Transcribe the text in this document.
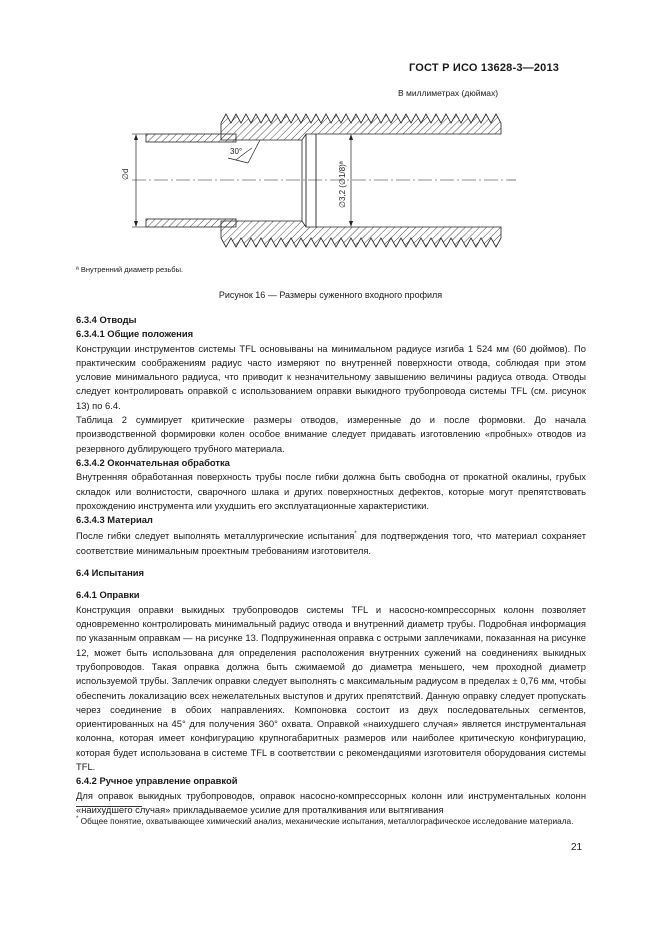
ГОСТ Р ИСО 13628-3—2013
В миллиметрах (дюймах)
30°
∅d	∅3,2 (∅1/8)ª
ª Внутренний диаметр резьбы.
Рисунок 16 — Размеры суженного входного профиля

6.3.4 Отводы

6.3.4.1 Общие положения

Конструкции инструментов системы TFL основываны на минимальном радиусе изгиба 1 524 мм (60 дюймов). По практическим соображениям радиус часто измеряют по внутренней поверхности отвода, соблюдая при этом условие минимального радиуса, что приводит к незначительному завышению величины радиуса отвода. Отводы следует контролировать оправкой с использованием оправки выкидного трубопровода системы TFL (см. рисунок 13) по 6.4.

Таблица 2 суммирует критические размеры отводов, измеренные до и после формовки. До начала производственной формировки колен особое внимание следует придавать изготовлению «пробных» отводов из резервного дублирующего трубного материала.

6.3.4.2 Окончательная обработка

Внутренняя обработанная поверхность трубы после гибки должна быть свободна от прокатной окалины, грубых складок или волнистости, сварочного шлака и других поверхностных дефектов, которые могут препятствовать прохождению инструмента или ухудшить его эксплуатационные характеристики.

6.3.4.3 Материал

После гибки следует выполнять металлургические испытания* для подтверждения того, что материал сохраняет соответствие минимальным проектным требованиям изготовителя.

6.4 Испытания

6.4.1 Оправки

Конструкция оправки выкидных трубопроводов системы TFL и насосно-компрессорных колонн позволяет одновременно контролировать минимальный радиус отвода и внутренний диаметр трубы. Подробная информация по указанным оправкам — на рисунке 13. Подпружиненная оправка с острыми заплечиками, показанная на рисунке 12, может быть использована для определения расположения внутренних сужений на соединениях выкидных трубопроводов. Такая оправка должна быть сжимаемой до диаметра меньшего, чем проходной диаметр используемой трубы. Заплечик оправки следует выполнять с максимальным радиусом в пределах ± 0,76 мм, чтобы обеспечить локализацию всех нежелательных выступов и других препятствий. Данную оправку следует пропускать через соединение в обоих направлениях. Компоновка состоит из двух последовательных сегментов, ориентированных на 45° для получения 360° охвата. Оправкой «наихудшего случая» является инструментальная колонна, которая имеет конфигурацию крупногабаритных размеров или наиболее критическую конфигурацию, которая будет использована в системе TFL в соответствии с рекомендациями изготовителя оборудования системы TFL.

6.4.2 Ручное управление оправкой

Для оправок выкидных трубопроводов, оправок насосно-компрессорных колонн или инструментальных колонн «наихудшего случая» прикладываемое усилие для проталкивания или вытягивания

* Общее понятие, охватывающее химический анализ, механические испытания, металлографическое исследование материала.
21
